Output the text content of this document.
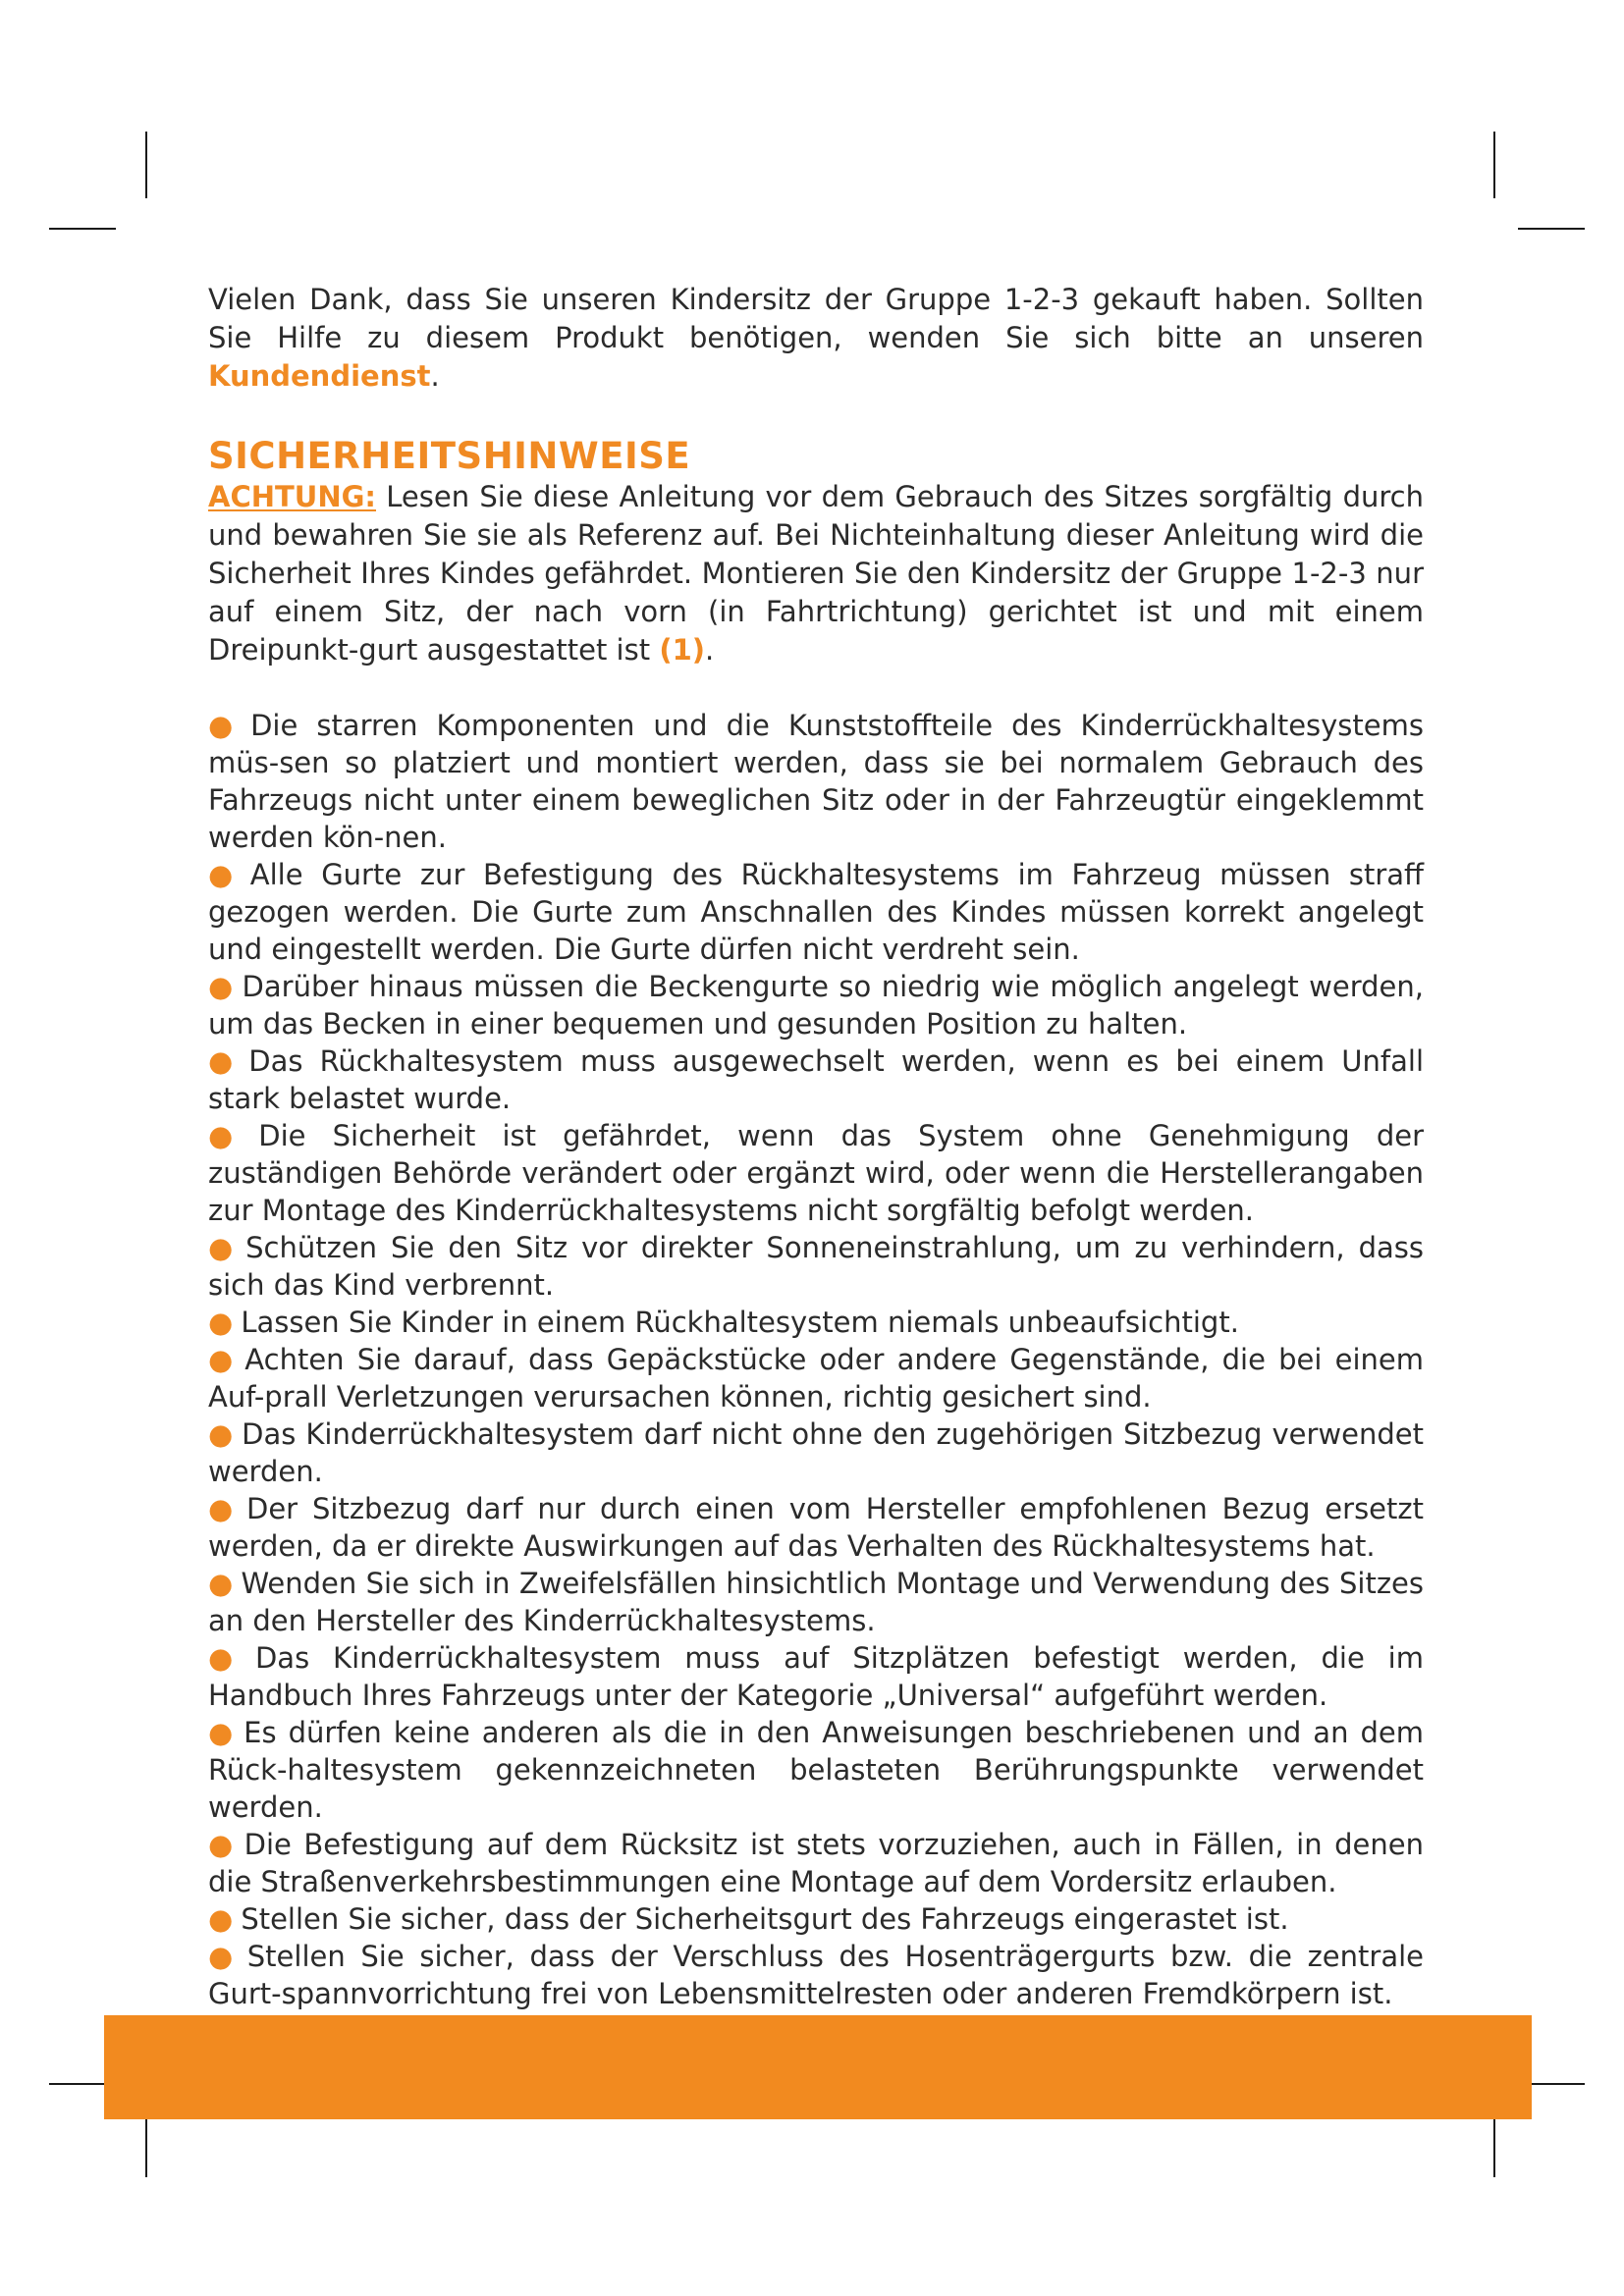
Vielen Dank, dass Sie unseren Kindersitz der Gruppe 1-2-3 gekauft haben. Sollten Sie Hilfe zu diesem Produkt benötigen, wenden Sie sich bitte an unseren Kundendienst.

SICHERHEITSHINWEISE

ACHTUNG: Lesen Sie diese Anleitung vor dem Gebrauch des Sitzes sorgfältig durch und bewahren Sie sie als Referenz auf. Bei Nichteinhaltung dieser Anleitung wird die Sicherheit Ihres Kindes gefährdet. Montieren Sie den Kindersitz der Gruppe 1-2-3 nur auf einem Sitz, der nach vorn (in Fahrtrichtung) gerichtet ist und mit einem Dreipunkt-gurt ausgestattet ist (1).

● Die starren Komponenten und die Kunststoffteile des Kinderrückhaltesystems müs-sen so platziert und montiert werden, dass sie bei normalem Gebrauch des Fahrzeugs nicht unter einem beweglichen Sitz oder in der Fahrzeugtür eingeklemmt werden kön-nen.
● Alle Gurte zur Befestigung des Rückhaltesystems im Fahrzeug müssen straff gezogen werden. Die Gurte zum Anschnallen des Kindes müssen korrekt angelegt und eingestellt werden. Die Gurte dürfen nicht verdreht sein.
● Darüber hinaus müssen die Beckengurte so niedrig wie möglich angelegt werden, um das Becken in einer bequemen und gesunden Position zu halten.
● Das Rückhaltesystem muss ausgewechselt werden, wenn es bei einem Unfall stark belastet wurde.
● Die Sicherheit ist gefährdet, wenn das System ohne Genehmigung der zuständigen Behörde verändert oder ergänzt wird, oder wenn die Herstellerangaben zur Montage des Kinderrückhaltesystems nicht sorgfältig befolgt werden.
● Schützen Sie den Sitz vor direkter Sonneneinstrahlung, um zu verhindern, dass sich das Kind verbrennt.
● Lassen Sie Kinder in einem Rückhaltesystem niemals unbeaufsichtigt.
● Achten Sie darauf, dass Gepäckstücke oder andere Gegenstände, die bei einem Auf-prall Verletzungen verursachen können, richtig gesichert sind.
● Das Kinderrückhaltesystem darf nicht ohne den zugehörigen Sitzbezug verwendet werden.
● Der Sitzbezug darf nur durch einen vom Hersteller empfohlenen Bezug ersetzt werden, da er direkte Auswirkungen auf das Verhalten des Rückhaltesystems hat.
● Wenden Sie sich in Zweifelsfällen hinsichtlich Montage und Verwendung des Sitzes an den Hersteller des Kinderrückhaltesystems.
● Das Kinderrückhaltesystem muss auf Sitzplätzen befestigt werden, die im Handbuch Ihres Fahrzeugs unter der Kategorie „Universal“ aufgeführt werden.
● Es dürfen keine anderen als die in den Anweisungen beschriebenen und an dem Rück-haltesystem gekennzeichneten belasteten Berührungspunkte verwendet werden.
● Die Befestigung auf dem Rücksitz ist stets vorzuziehen, auch in Fällen, in denen die Straßenverkehrsbestimmungen eine Montage auf dem Vordersitz erlauben.
● Stellen Sie sicher, dass der Sicherheitsgurt des Fahrzeugs eingerastet ist.
● Stellen Sie sicher, dass der Verschluss des Hosenträgergurts bzw. die zentrale Gurt-spannvorrichtung frei von Lebensmittelresten oder anderen Fremdkörpern ist.
